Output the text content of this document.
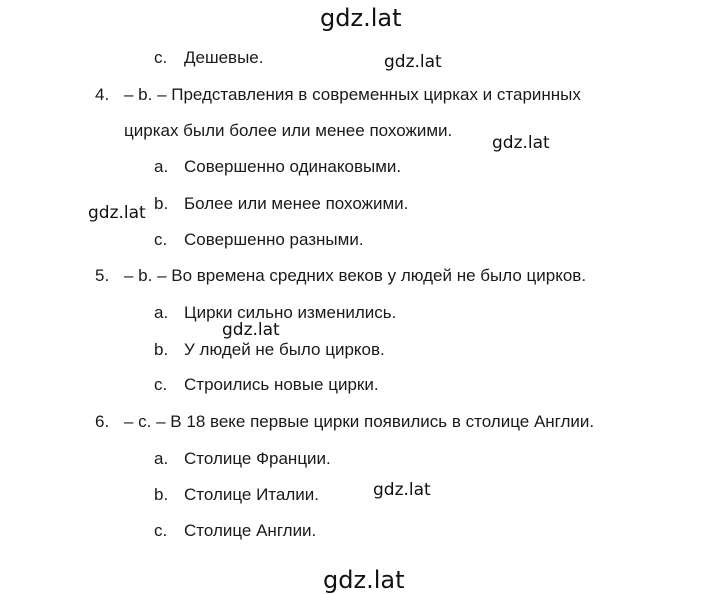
gdz.lat
gdz.lat
gdz.lat
gdz.lat
gdz.lat
gdz.lat
gdz.lat
c. Дешевые.
4. – b. – Представления в современных цирках и старинных
цирках были более или менее похожими.
a. Совершенно одинаковыми.
b. Более или менее похожими.
c. Совершенно разными.
5. – b. – Во времена средних веков у людей не было цирков.
a. Цирки сильно изменились.
b. У людей не было цирков.
c. Строились новые цирки.
6. – c. – В 18 веке первые цирки появились в столице Англии.
a. Столице Франции.
b. Столице Италии.
c. Столице Англии.
